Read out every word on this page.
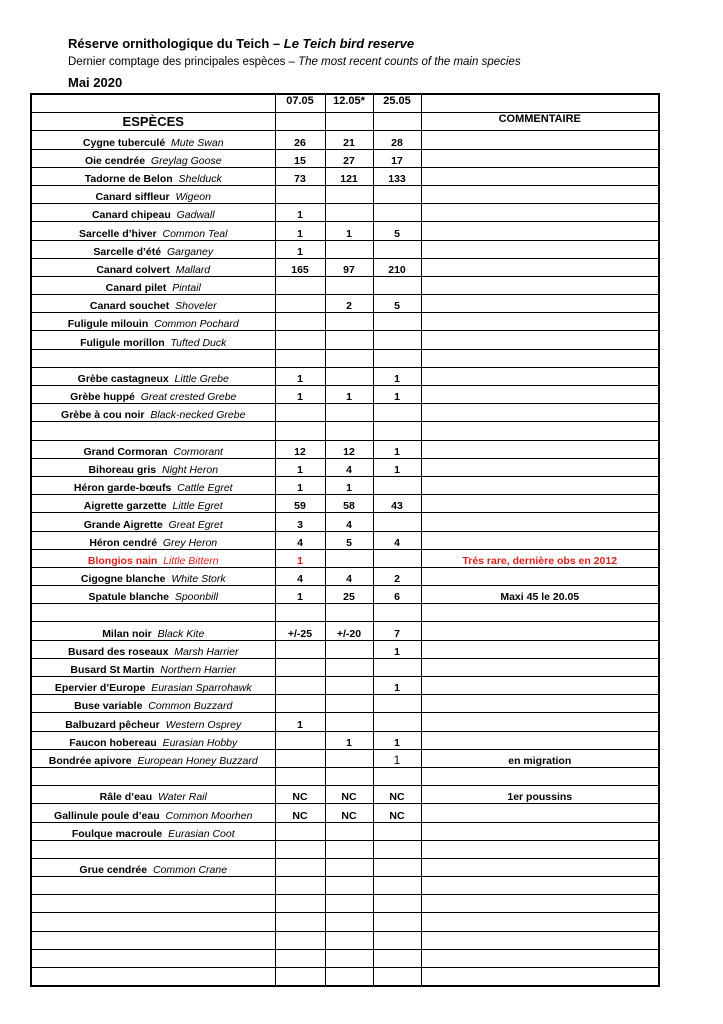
Réserve ornithologique du Teich – Le Teich bird reserve
Dernier comptage des principales espèces – The most recent counts of the main species
Mai 2020
	07.05	12.05*	25.05	
ESPÈCES				COMMENTAIRE
Cygne tuberculé Mute Swan	26	21	28	
Oie cendrée Greylag Goose	15	27	17	
Tadorne de Belon Shelduck	73	121	133	
Canard siffleur Wigeon				
Canard chipeau Gadwall	1			
Sarcelle d’hiver Common Teal	1	1	5	
Sarcelle d’été Garganey	1			
Canard colvert Mallard	165	97	210	
Canard pilet Pintail				
Canard souchet Shoveler		2	5	
Fuligule milouin Common Pochard				
Fuligule morillon Tufted Duck				

Grèbe castagneux Little Grebe	1		1	
Grèbe huppé Great crested Grebe	1	1	1	
Grèbe à cou noir Black-necked Grebe				

Grand Cormoran Cormorant	12	12	1	
Bihoreau gris Night Heron	1	4	1	
Héron garde-bœufs Cattle Egret	1	1		
Aigrette garzette Little Egret	59	58	43	
Grande Aigrette Great Egret	3	4		
Héron cendré Grey Heron	4	5	4	
Blongios nain Little Bittern	1			Trés rare, dernière obs en 2012
Cigogne blanche White Stork	4	4	2	
Spatule blanche Spoonbill	1	25	6	Maxi 45 le 20.05

Milan noir Black Kite	+/-25	+/-20	7	
Busard des roseaux Marsh Harrier			1	
Busard St Martin Northern Harrier				
Epervier d’Europe Eurasian Sparrohawk			1	
Buse variable Common Buzzard				
Balbuzard pêcheur Western Osprey	1			
Faucon hobereau Eurasian Hobby		1	1	
Bondrée apivore European Honey Buzzard			1	en migration

Râle d’eau Water Rail	NC	NC	NC	1er poussins
Gallinule poule d’eau Common Moorhen	NC	NC	NC	
Foulque macroule Eurasian Coot				

Grue cendrée Common Crane				
